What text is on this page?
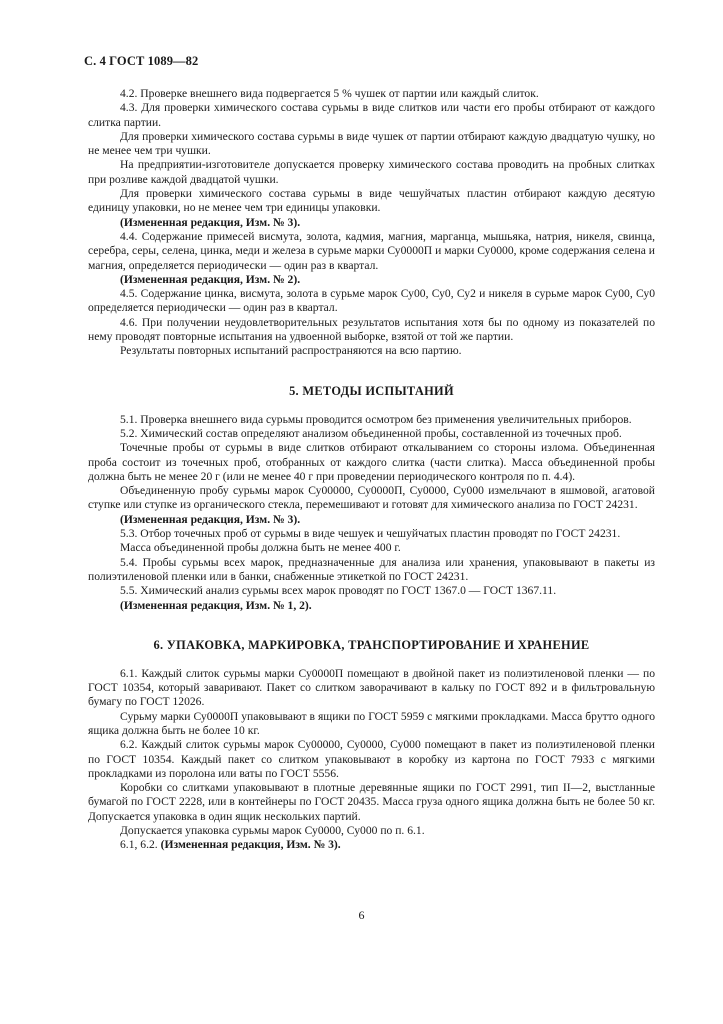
С. 4 ГОСТ 1089—82
4.2. Проверке внешнего вида подвергается 5 % чушек от партии или каждый слиток.
4.3. Для проверки химического состава сурьмы в виде слитков или части его пробы отбирают от каждого слитка партии.
Для проверки химического состава сурьмы в виде чушек от партии отбирают каждую двадцатую чушку, но не менее чем три чушки.
На предприятии-изготовителе допускается проверку химического состава проводить на пробных слитках при розливе каждой двадцатой чушки.
Для проверки химического состава сурьмы в виде чешуйчатых пластин отбирают каждую десятую единицу упаковки, но не менее чем три единицы упаковки.
(Измененная редакция, Изм. № 3).
4.4. Содержание примесей висмута, золота, кадмия, магния, марганца, мышьяка, натрия, никеля, свинца, серебра, серы, селена, цинка, меди и железа в сурьме марки Су0000П и марки Су0000, кроме содержания селена и магния, определяется периодически — один раз в квартал.
(Измененная редакция, Изм. № 2).
4.5. Содержание цинка, висмута, золота в сурьме марок Су00, Су0, Су2 и никеля в сурьме марок Су00, Су0 определяется периодически — один раз в квартал.
4.6. При получении неудовлетворительных результатов испытания хотя бы по одному из показателей по нему проводят повторные испытания на удвоенной выборке, взятой от той же партии.
Результаты повторных испытаний распространяются на всю партию.
5. МЕТОДЫ ИСПЫТАНИЙ
5.1. Проверка внешнего вида сурьмы проводится осмотром без применения увеличительных приборов.
5.2. Химический состав определяют анализом объединенной пробы, составленной из точечных проб.
Точечные пробы от сурьмы в виде слитков отбирают откалыванием со стороны излома. Объединенная проба состоит из точечных проб, отобранных от каждого слитка (части слитка). Масса объединенной пробы должна быть не менее 20 г (или не менее 40 г при проведении периодического контроля по п. 4.4).
Объединенную пробу сурьмы марок Су00000, Су0000П, Су0000, Су000 измельчают в яшмовой, агатовой ступке или ступке из органического стекла, перемешивают и готовят для химического анализа по ГОСТ 24231.
(Измененная редакция, Изм. № 3).
5.3. Отбор точечных проб от сурьмы в виде чешуек и чешуйчатых пластин проводят по ГОСТ 24231.
Масса объединенной пробы должна быть не менее 400 г.
5.4. Пробы сурьмы всех марок, предназначенные для анализа или хранения, упаковывают в пакеты из полиэтиленовой пленки или в банки, снабженные этикеткой по ГОСТ 24231.
5.5. Химический анализ сурьмы всех марок проводят по ГОСТ 1367.0 — ГОСТ 1367.11.
(Измененная редакция, Изм. № 1, 2).
6. УПАКОВКА, МАРКИРОВКА, ТРАНСПОРТИРОВАНИЕ И ХРАНЕНИЕ
6.1. Каждый слиток сурьмы марки Су0000П помещают в двойной пакет из полиэтиленовой пленки — по ГОСТ 10354, который заваривают. Пакет со слитком заворачивают в кальку по ГОСТ 892 и в фильтровальную бумагу по ГОСТ 12026.
Сурьму марки Су0000П упаковывают в ящики по ГОСТ 5959 с мягкими прокладками. Масса брутто одного ящика должна быть не более 10 кг.
6.2. Каждый слиток сурьмы марок Су00000, Су0000, Су000 помещают в пакет из полиэтиленовой пленки по ГОСТ 10354. Каждый пакет со слитком упаковывают в коробку из картона по ГОСТ 7933 с мягкими прокладками из поролона или ваты по ГОСТ 5556.
Коробки со слитками упаковывают в плотные деревянные ящики по ГОСТ 2991, тип II—2, выстланные бумагой по ГОСТ 2228, или в контейнеры по ГОСТ 20435. Масса груза одного ящика должна быть не более 50 кг. Допускается упаковка в один ящик нескольких партий.
Допускается упаковка сурьмы марок Су0000, Су000 по п. 6.1.
6.1, 6.2. (Измененная редакция, Изм. № 3).
6
